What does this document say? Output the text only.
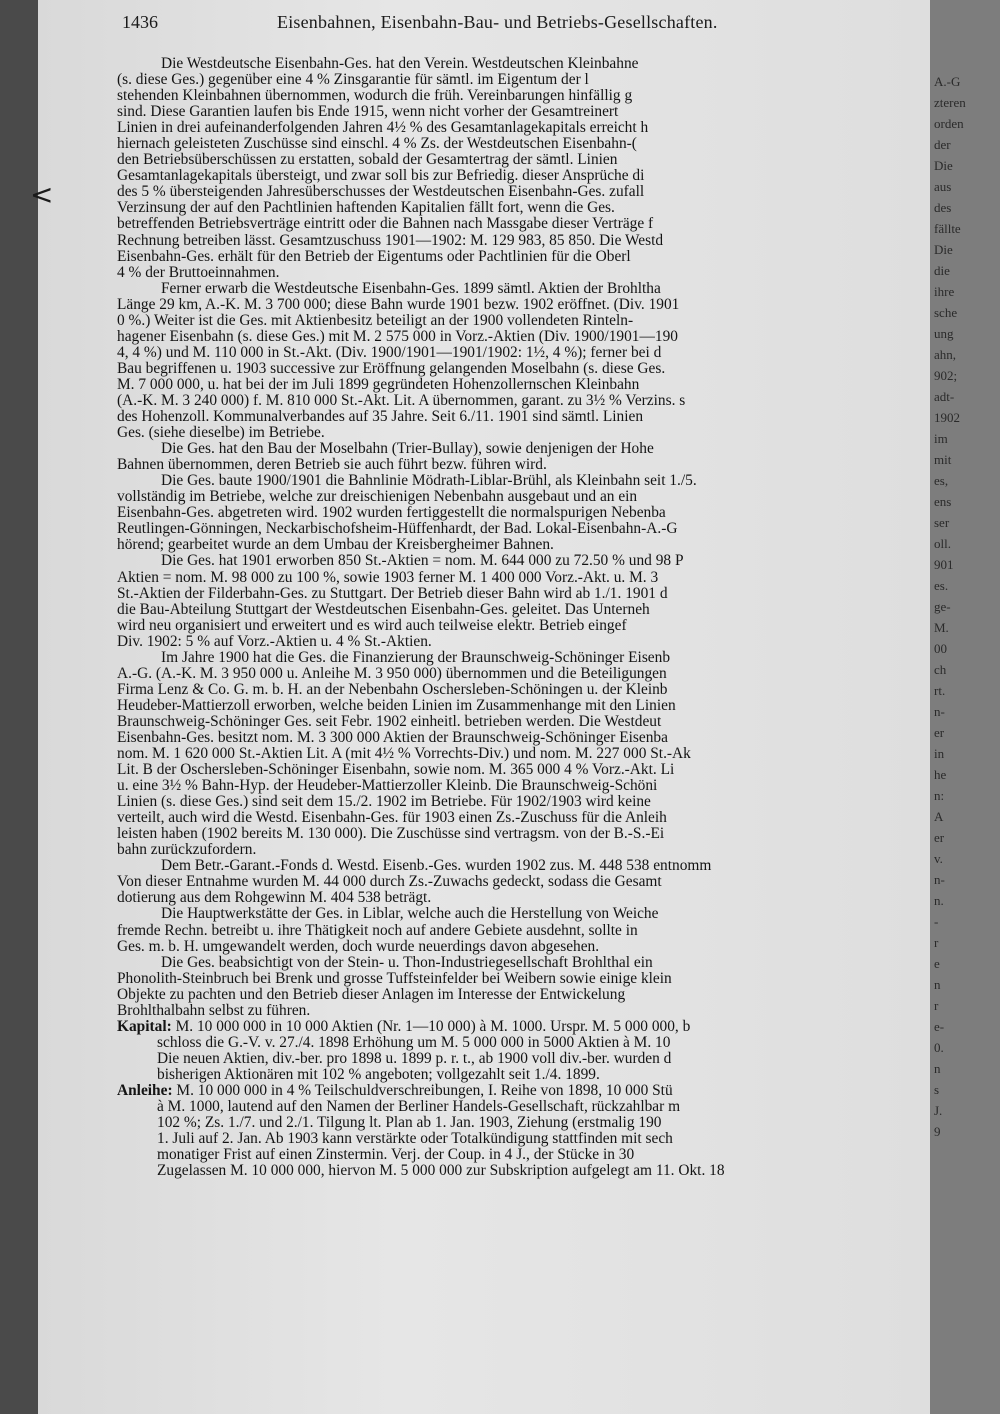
A.-G
zteren
orden
der
Die
aus
des
fällte
Die
die
ihre
sche
ung
ahn,
902;
adt-
1902
im
mit
es,
ens
ser
oll.
901
es.
ge-
M.
00
ch
rt.
n-
er
in
he
n:
A
er
v.
n-
n.
-
r
e
n
r
e-
0.
n
s
J.
9
<
1436	Eisenbahnen, Eisenbahn-Bau- und Betriebs-Gesellschaften.
Die Westdeutsche Eisenbahn-Ges. hat den Verein. Westdeutschen Kleinbahne
(s. diese Ges.) gegenüber eine 4 % Zinsgarantie für sämtl. im Eigentum der l
stehenden Kleinbahnen übernommen, wodurch die früh. Vereinbarungen hinfällig g
sind. Diese Garantien laufen bis Ende 1915, wenn nicht vorher der Gesamtreinert
Linien in drei aufeinanderfolgenden Jahren 4½ % des Gesamtanlagekapitals erreicht h
hiernach geleisteten Zuschüsse sind einschl. 4 % Zs. der Westdeutschen Eisenbahn-(
den Betriebsüberschüssen zu erstatten, sobald der Gesamtertrag der sämtl. Linien
Gesamtanlagekapitals übersteigt, und zwar soll bis zur Befriedig. dieser Ansprüche di
des 5 % übersteigenden Jahresüberschusses der Westdeutschen Eisenbahn-Ges. zufall
Verzinsung der auf den Pachtlinien haftenden Kapitalien fällt fort, wenn die Ges.
betreffenden Betriebsverträge eintritt oder die Bahnen nach Massgabe dieser Verträge f
Rechnung betreiben lässt. Gesamtzuschuss 1901—1902: M. 129 983, 85 850. Die Westd
Eisenbahn-Ges. erhält für den Betrieb der Eigentums oder Pachtlinien für die Oberl
4 % der Bruttoeinnahmen.
Ferner erwarb die Westdeutsche Eisenbahn-Ges. 1899 sämtl. Aktien der Brohltha
Länge 29 km, A.-K. M. 3 700 000; diese Bahn wurde 1901 bezw. 1902 eröffnet. (Div. 1901
0 %.) Weiter ist die Ges. mit Aktienbesitz beteiligt an der 1900 vollendeten Rinteln-
hagener Eisenbahn (s. diese Ges.) mit M. 2 575 000 in Vorz.-Aktien (Div. 1900/1901—190
4, 4 %) und M. 110 000 in St.-Akt. (Div. 1900/1901—1901/1902: 1½, 4 %); ferner bei d
Bau begriffenen u. 1903 successive zur Eröffnung gelangenden Moselbahn (s. diese Ges.
M. 7 000 000, u. hat bei der im Juli 1899 gegründeten Hohenzollernschen Kleinbahn
(A.-K. M. 3 240 000) f. M. 810 000 St.-Akt. Lit. A übernommen, garant. zu 3½ % Verzins. s
des Hohenzoll. Kommunalverbandes auf 35 Jahre. Seit 6./11. 1901 sind sämtl. Linien
Ges. (siehe dieselbe) im Betriebe.
Die Ges. hat den Bau der Moselbahn (Trier-Bullay), sowie denjenigen der Hohe
Bahnen übernommen, deren Betrieb sie auch führt bezw. führen wird.
Die Ges. baute 1900/1901 die Bahnlinie Mödrath-Liblar-Brühl, als Kleinbahn seit 1./5.
vollständig im Betriebe, welche zur dreischienigen Nebenbahn ausgebaut und an ein
Eisenbahn-Ges. abgetreten wird. 1902 wurden fertiggestellt die normalspurigen Nebenba
Reutlingen-Gönningen, Neckarbischofsheim-Hüffenhardt, der Bad. Lokal-Eisenbahn-A.-G
hörend; gearbeitet wurde an dem Umbau der Kreisbergheimer Bahnen.
Die Ges. hat 1901 erworben 850 St.-Aktien = nom. M. 644 000 zu 72.50 % und 98 P
Aktien = nom. M. 98 000 zu 100 %, sowie 1903 ferner M. 1 400 000 Vorz.-Akt. u. M. 3
St.-Aktien der Filderbahn-Ges. zu Stuttgart. Der Betrieb dieser Bahn wird ab 1./1. 1901 d
die Bau-Abteilung Stuttgart der Westdeutschen Eisenbahn-Ges. geleitet. Das Unterneh
wird neu organisiert und erweitert und es wird auch teilweise elektr. Betrieb eingef
Div. 1902: 5 % auf Vorz.-Aktien u. 4 % St.-Aktien.
Im Jahre 1900 hat die Ges. die Finanzierung der Braunschweig-Schöninger Eisenb
A.-G. (A.-K. M. 3 950 000 u. Anleihe M. 3 950 000) übernommen und die Beteiligungen
Firma Lenz & Co. G. m. b. H. an der Nebenbahn Oschersleben-Schöningen u. der Kleinb
Heudeber-Mattierzoll erworben, welche beiden Linien im Zusammenhange mit den Linien
Braunschweig-Schöninger Ges. seit Febr. 1902 einheitl. betrieben werden. Die Westdeut
Eisenbahn-Ges. besitzt nom. M. 3 300 000 Aktien der Braunschweig-Schöninger Eisenba
nom. M. 1 620 000 St.-Aktien Lit. A (mit 4½ % Vorrechts-Div.) und nom. M. 227 000 St.-Ak
Lit. B der Oschersleben-Schöninger Eisenbahn, sowie nom. M. 365 000 4 % Vorz.-Akt. Li
u. eine 3½ % Bahn-Hyp. der Heudeber-Mattierzoller Kleinb. Die Braunschweig-Schöni
Linien (s. diese Ges.) sind seit dem 15./2. 1902 im Betriebe. Für 1902/1903 wird keine
verteilt, auch wird die Westd. Eisenbahn-Ges. für 1903 einen Zs.-Zuschuss für die Anleih
leisten haben (1902 bereits M. 130 000). Die Zuschüsse sind vertragsm. von der B.-S.-Ei
bahn zurückzufordern.
Dem Betr.-Garant.-Fonds d. Westd. Eisenb.-Ges. wurden 1902 zus. M. 448 538 entnomm
Von dieser Entnahme wurden M. 44 000 durch Zs.-Zuwachs gedeckt, sodass die Gesamt
dotierung aus dem Rohgewinn M. 404 538 beträgt.
Die Hauptwerkstätte der Ges. in Liblar, welche auch die Herstellung von Weiche
fremde Rechn. betreibt u. ihre Thätigkeit noch auf andere Gebiete ausdehnt, sollte in
Ges. m. b. H. umgewandelt werden, doch wurde neuerdings davon abgesehen.
Die Ges. beabsichtigt von der Stein- u. Thon-Industriegesellschaft Brohlthal ein
Phonolith-Steinbruch bei Brenk und grosse Tuffsteinfelder bei Weibern sowie einige klein
Objekte zu pachten und den Betrieb dieser Anlagen im Interesse der Entwickelung
Brohlthalbahn selbst zu führen.
Kapital: M. 10 000 000 in 10 000 Aktien (Nr. 1—10 000) à M. 1000. Urspr. M. 5 000 000, b
schloss die G.-V. v. 27./4. 1898 Erhöhung um M. 5 000 000 in 5000 Aktien à M. 10
Die neuen Aktien, div.-ber. pro 1898 u. 1899 p. r. t., ab 1900 voll div.-ber. wurden d
bisherigen Aktionären mit 102 % angeboten; vollgezahlt seit 1./4. 1899.
Anleihe: M. 10 000 000 in 4 % Teilschuldverschreibungen, I. Reihe von 1898, 10 000 Stü
à M. 1000, lautend auf den Namen der Berliner Handels-Gesellschaft, rückzahlbar m
102 %; Zs. 1./7. und 2./1. Tilgung lt. Plan ab 1. Jan. 1903, Ziehung (erstmalig 190
1. Juli auf 2. Jan. Ab 1903 kann verstärkte oder Totalkündigung stattfinden mit sech
monatiger Frist auf einen Zinstermin. Verj. der Coup. in 4 J., der Stücke in 30
Zugelassen M. 10 000 000, hiervon M. 5 000 000 zur Subskription aufgelegt am 11. Okt. 18
